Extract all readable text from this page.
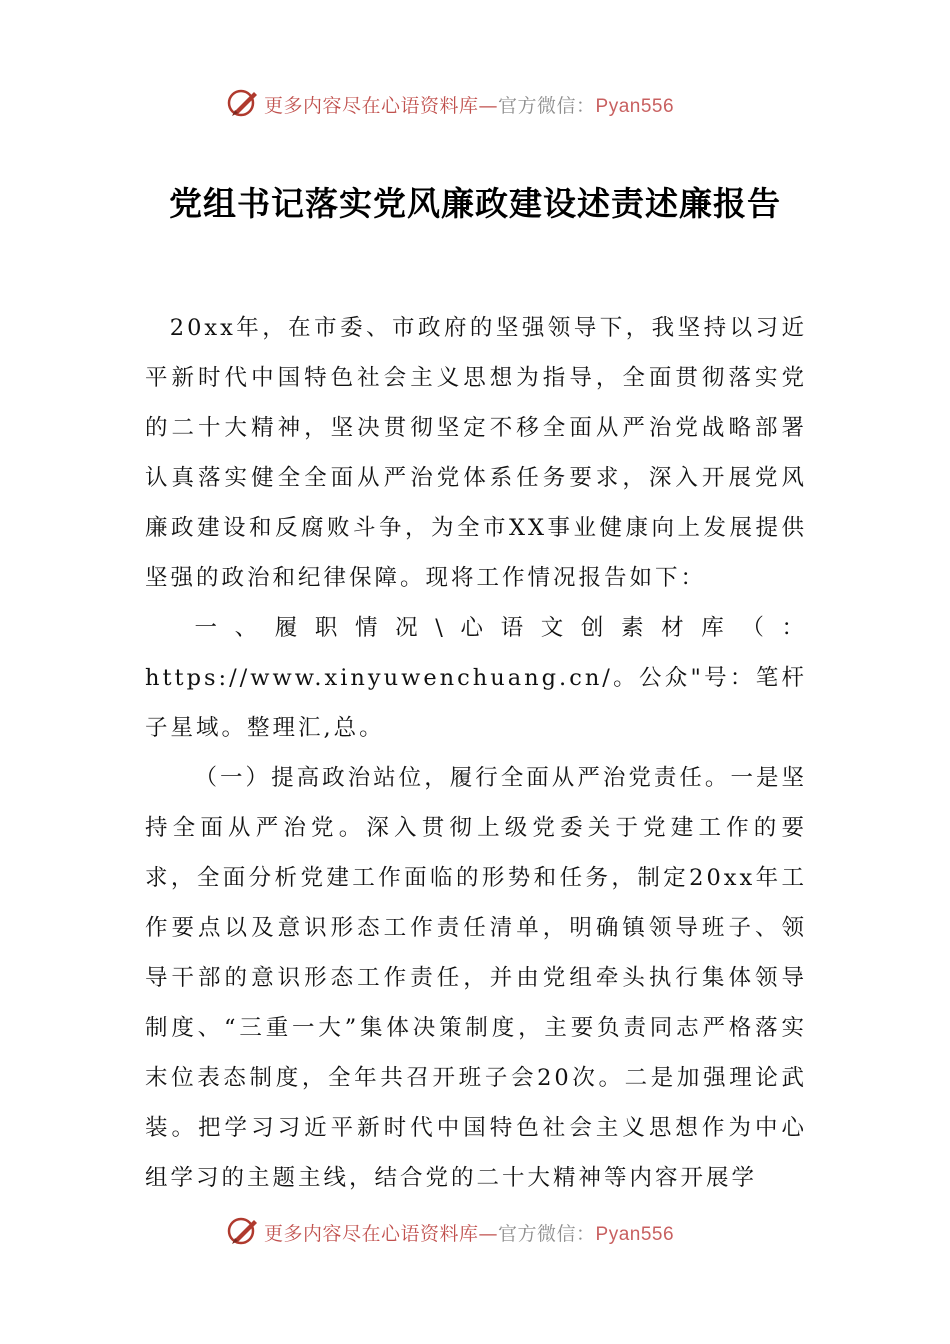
更多内容尽在心语资料库—官方微信：Pyan556
党组书记落实党风廉政建设述责述廉报告

20xx年，在市委、市政府的坚强领导下，我坚持以习近平新时代中国特色社会主义思想为指导，全面贯彻落实党的二十大精神，坚决贯彻坚定不移全面从严治党战略部署认真落实健全全面从严治党体系任务要求，深入开展党风廉政建设和反腐败斗争，为全市XX事业健康向上发展提供坚强的政治和纪律保障。现将工作情况报告如下：

一、履职情况\心语文创素材库（：https://www.xinyuwenchuang.cn/。公众"号：笔杆子星域。整理汇,总。

（一）提高政治站位，履行全面从严治党责任。一是坚持全面从严治党。深入贯彻上级党委关于党建工作的要求，全面分析党建工作面临的形势和任务，制定20xx年工作要点以及意识形态工作责任清单，明确镇领导班子、领导干部的意识形态工作责任，并由党组牵头执行集体领导制度、“三重一大”集体决策制度，主要负责同志严格落实末位表态制度，全年共召开班子会20次。二是加强理论武装。把学习习近平新时代中国特色社会主义思想作为中心组学习的主题主线，结合党的二十大精神等内容开展学

更多内容尽在心语资料库—官方微信：Pyan556
